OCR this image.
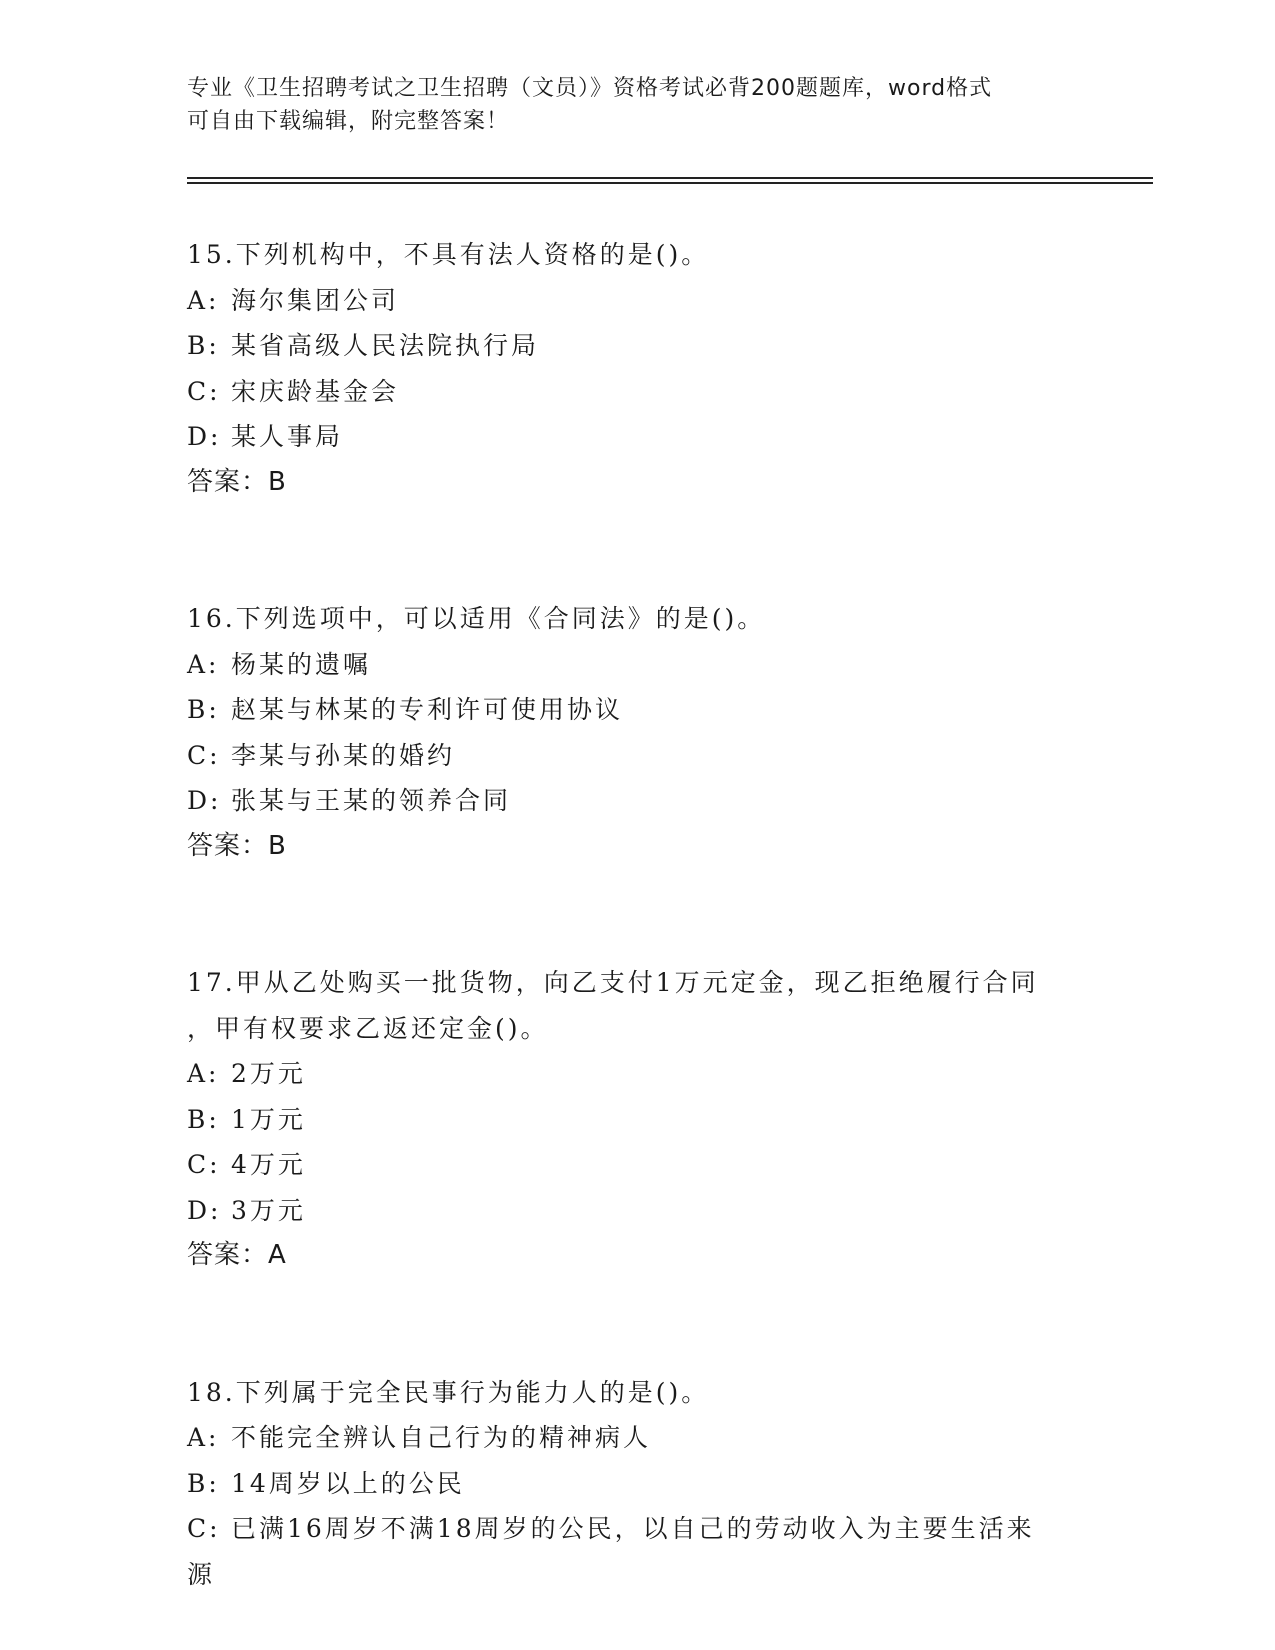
专业《卫生招聘考试之卫生招聘（文员）》资格考试必背200题题库，word格式
可自由下载编辑，附完整答案！
15.下列机构中，不具有法人资格的是()。
A: 海尔集团公司
B: 某省高级人民法院执行局
C: 宋庆龄基金会
D: 某人事局
答案：B
16.下列选项中，可以适用《合同法》的是()。
A: 杨某的遗嘱
B: 赵某与林某的专利许可使用协议
C: 李某与孙某的婚约
D: 张某与王某的领养合同
答案：B
17.甲从乙处购买一批货物，向乙支付1万元定金，现乙拒绝履行合同
，甲有权要求乙返还定金()。
A: 2万元
B: 1万元
C: 4万元
D: 3万元
答案：A
18.下列属于完全民事行为能力人的是()。
A: 不能完全辨认自己行为的精神病人
B: 14周岁以上的公民
C: 已满16周岁不满18周岁的公民，以自己的劳动收入为主要生活来
源
